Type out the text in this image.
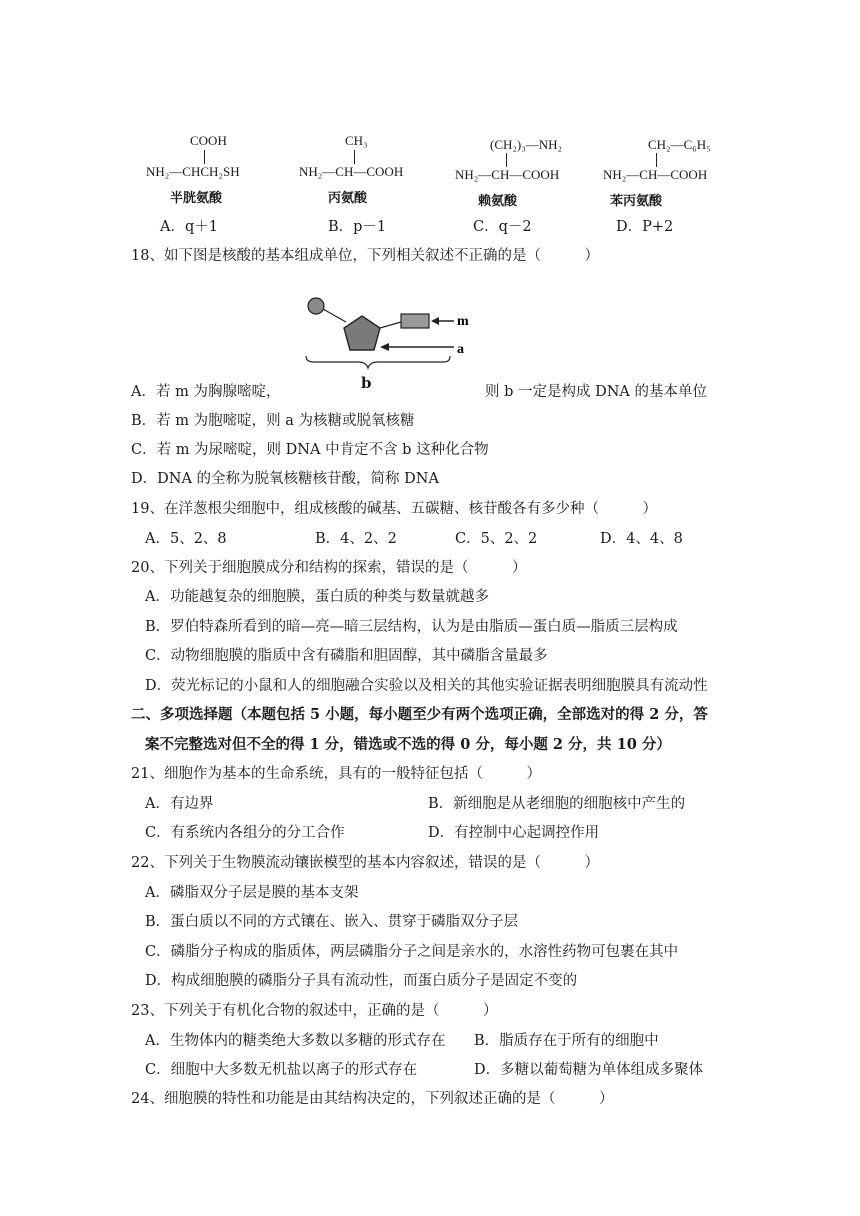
COOH
NH₂—CHCH₂SH
半胱氨酸
CH₃
NH₂—CH—COOH
丙氨酸
(CH₂)₃—NH₂
NH₂—CH—COOH
赖氨酸
CH₂—C₆H₅
NH₂—CH—COOH
苯丙氨酸
A．q＋1	B．p－1	C．q－2	D．P+2
18、如下图是核酸的基本组成单位，下列相关叙述不正确的是（　　　）
m
a
b
A．若 m 为胸腺嘧啶，	则 b 一定是构成 DNA 的基本单位
B．若 m 为胞嘧啶，则 a 为核糖或脱氧核糖
C．若 m 为尿嘧啶，则 DNA 中肯定不含 b 这种化合物
D．DNA 的全称为脱氧核糖核苷酸，简称 DNA
19、在洋葱根尖细胞中，组成核酸的碱基、五碳糖、核苷酸各有多少种（　　　）
A．5、2、8	B．4、2、2	C．5、2、2	D．4、4、8
20、下列关于细胞膜成分和结构的探索，错误的是（　　　）
A．功能越复杂的细胞膜，蛋白质的种类与数量就越多
B．罗伯特森所看到的暗—亮—暗三层结构，认为是由脂质—蛋白质—脂质三层构成
C．动物细胞膜的脂质中含有磷脂和胆固醇，其中磷脂含量最多
D．荧光标记的小鼠和人的细胞融合实验以及相关的其他实验证据表明细胞膜具有流动性
二、多项选择题（本题包括 5 小题，每小题至少有两个选项正确，全部选对的得 2 分，答
案不完整选对但不全的得 1 分，错选或不选的得 0 分，每小题 2 分，共 10 分）
21、细胞作为基本的生命系统，具有的一般特征包括（　　　）
A．有边界	B．新细胞是从老细胞的细胞核中产生的
C．有系统内各组分的分工合作	D．有控制中心起调控作用
22、下列关于生物膜流动镶嵌模型的基本内容叙述，错误的是（　　　）
A．磷脂双分子层是膜的基本支架
B．蛋白质以不同的方式镶在、嵌入、贯穿于磷脂双分子层
C．磷脂分子构成的脂质体，两层磷脂分子之间是亲水的，水溶性药物可包裹在其中
D．构成细胞膜的磷脂分子具有流动性，而蛋白质分子是固定不变的
23、下列关于有机化合物的叙述中，正确的是（　　　）
A．生物体内的糖类绝大多数以多糖的形式存在 B．脂质存在于所有的细胞中
C．细胞中大多数无机盐以离子的形式存在	D．多糖以葡萄糖为单体组成多聚体
24、细胞膜的特性和功能是由其结构决定的，下列叙述正确的是（　　　）
